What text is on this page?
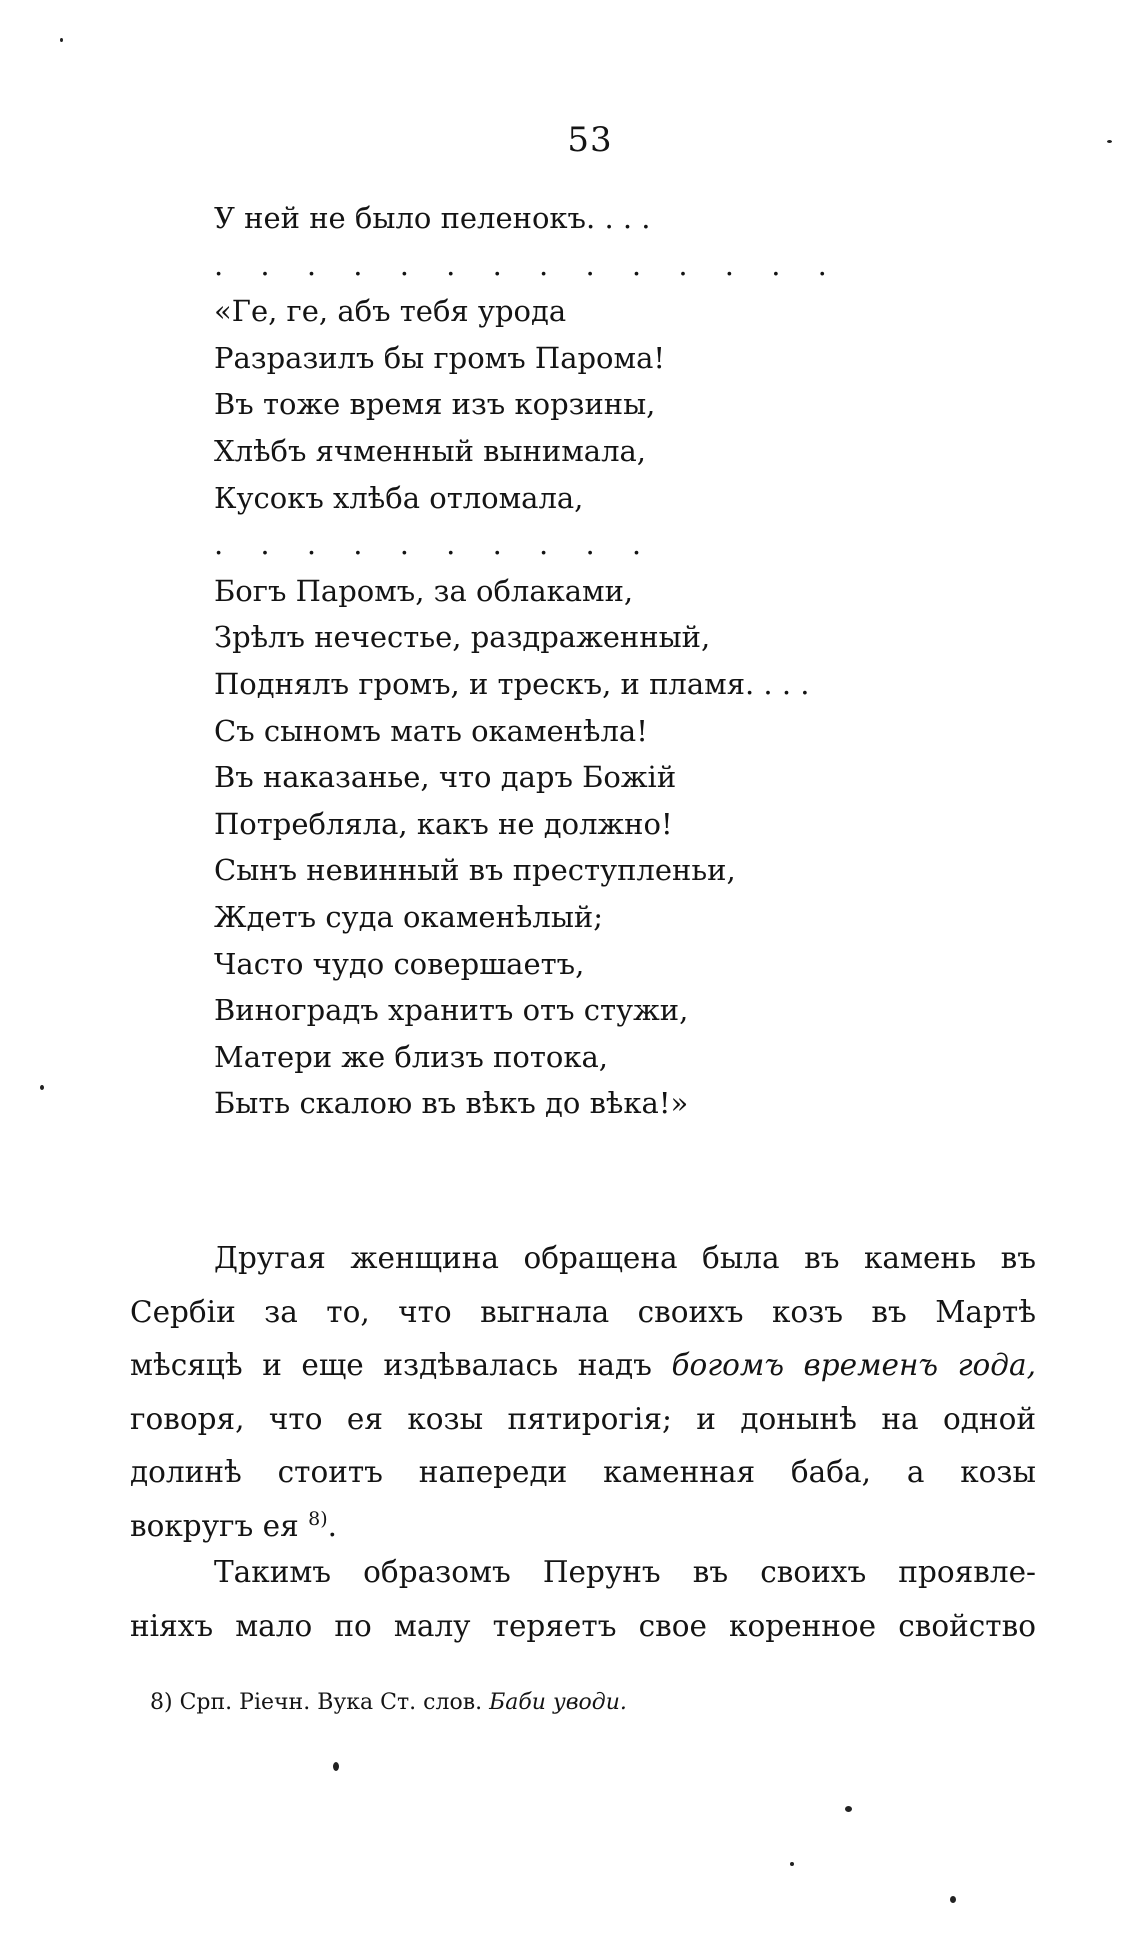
53
У ней не было пеленокъ. . . .
. . . . . . . . . . . . . .
«Ге, ге, абъ тебя урода
Разразилъ бы громъ Парома!
Въ тоже время изъ корзины,
Хлѣбъ ячменный вынимала,
Кусокъ хлѣба отломала,
. . . . . . . . . .
Богъ Паромъ, за облаками,
Зрѣлъ нечестье, раздраженный,
Поднялъ громъ, и трескъ, и пламя. . . .
Съ сыномъ мать окаменѣла!
Въ наказанье, что даръ Божій
Потребляла, какъ не должно!
Сынъ невинный въ преступленьи,
Ждетъ суда окаменѣлый;
Часто чудо совершаетъ,
Виноградъ хранитъ отъ стужи,
Матери же близъ потока,
Быть скалою въ вѣкъ до вѣка!»
Другая женщина обращена была въ камень въ
Сербіи за то, что выгнала своихъ козъ въ Мартѣ
мѣсяцѣ и еще издѣвалась надъ богомъ временъ года,
говоря, что ея козы пятирогія; и донынѣ на одной
долинѣ стоитъ напереди каменная баба, а козы
вокругъ ея $^{8)}$.
Такимъ образомъ Перунъ въ своихъ проявле-
ніяхъ мало по малу теряетъ свое коренное свойство
8) Срп. Ріечн. Вука Ст. слов. Баби уводи.
